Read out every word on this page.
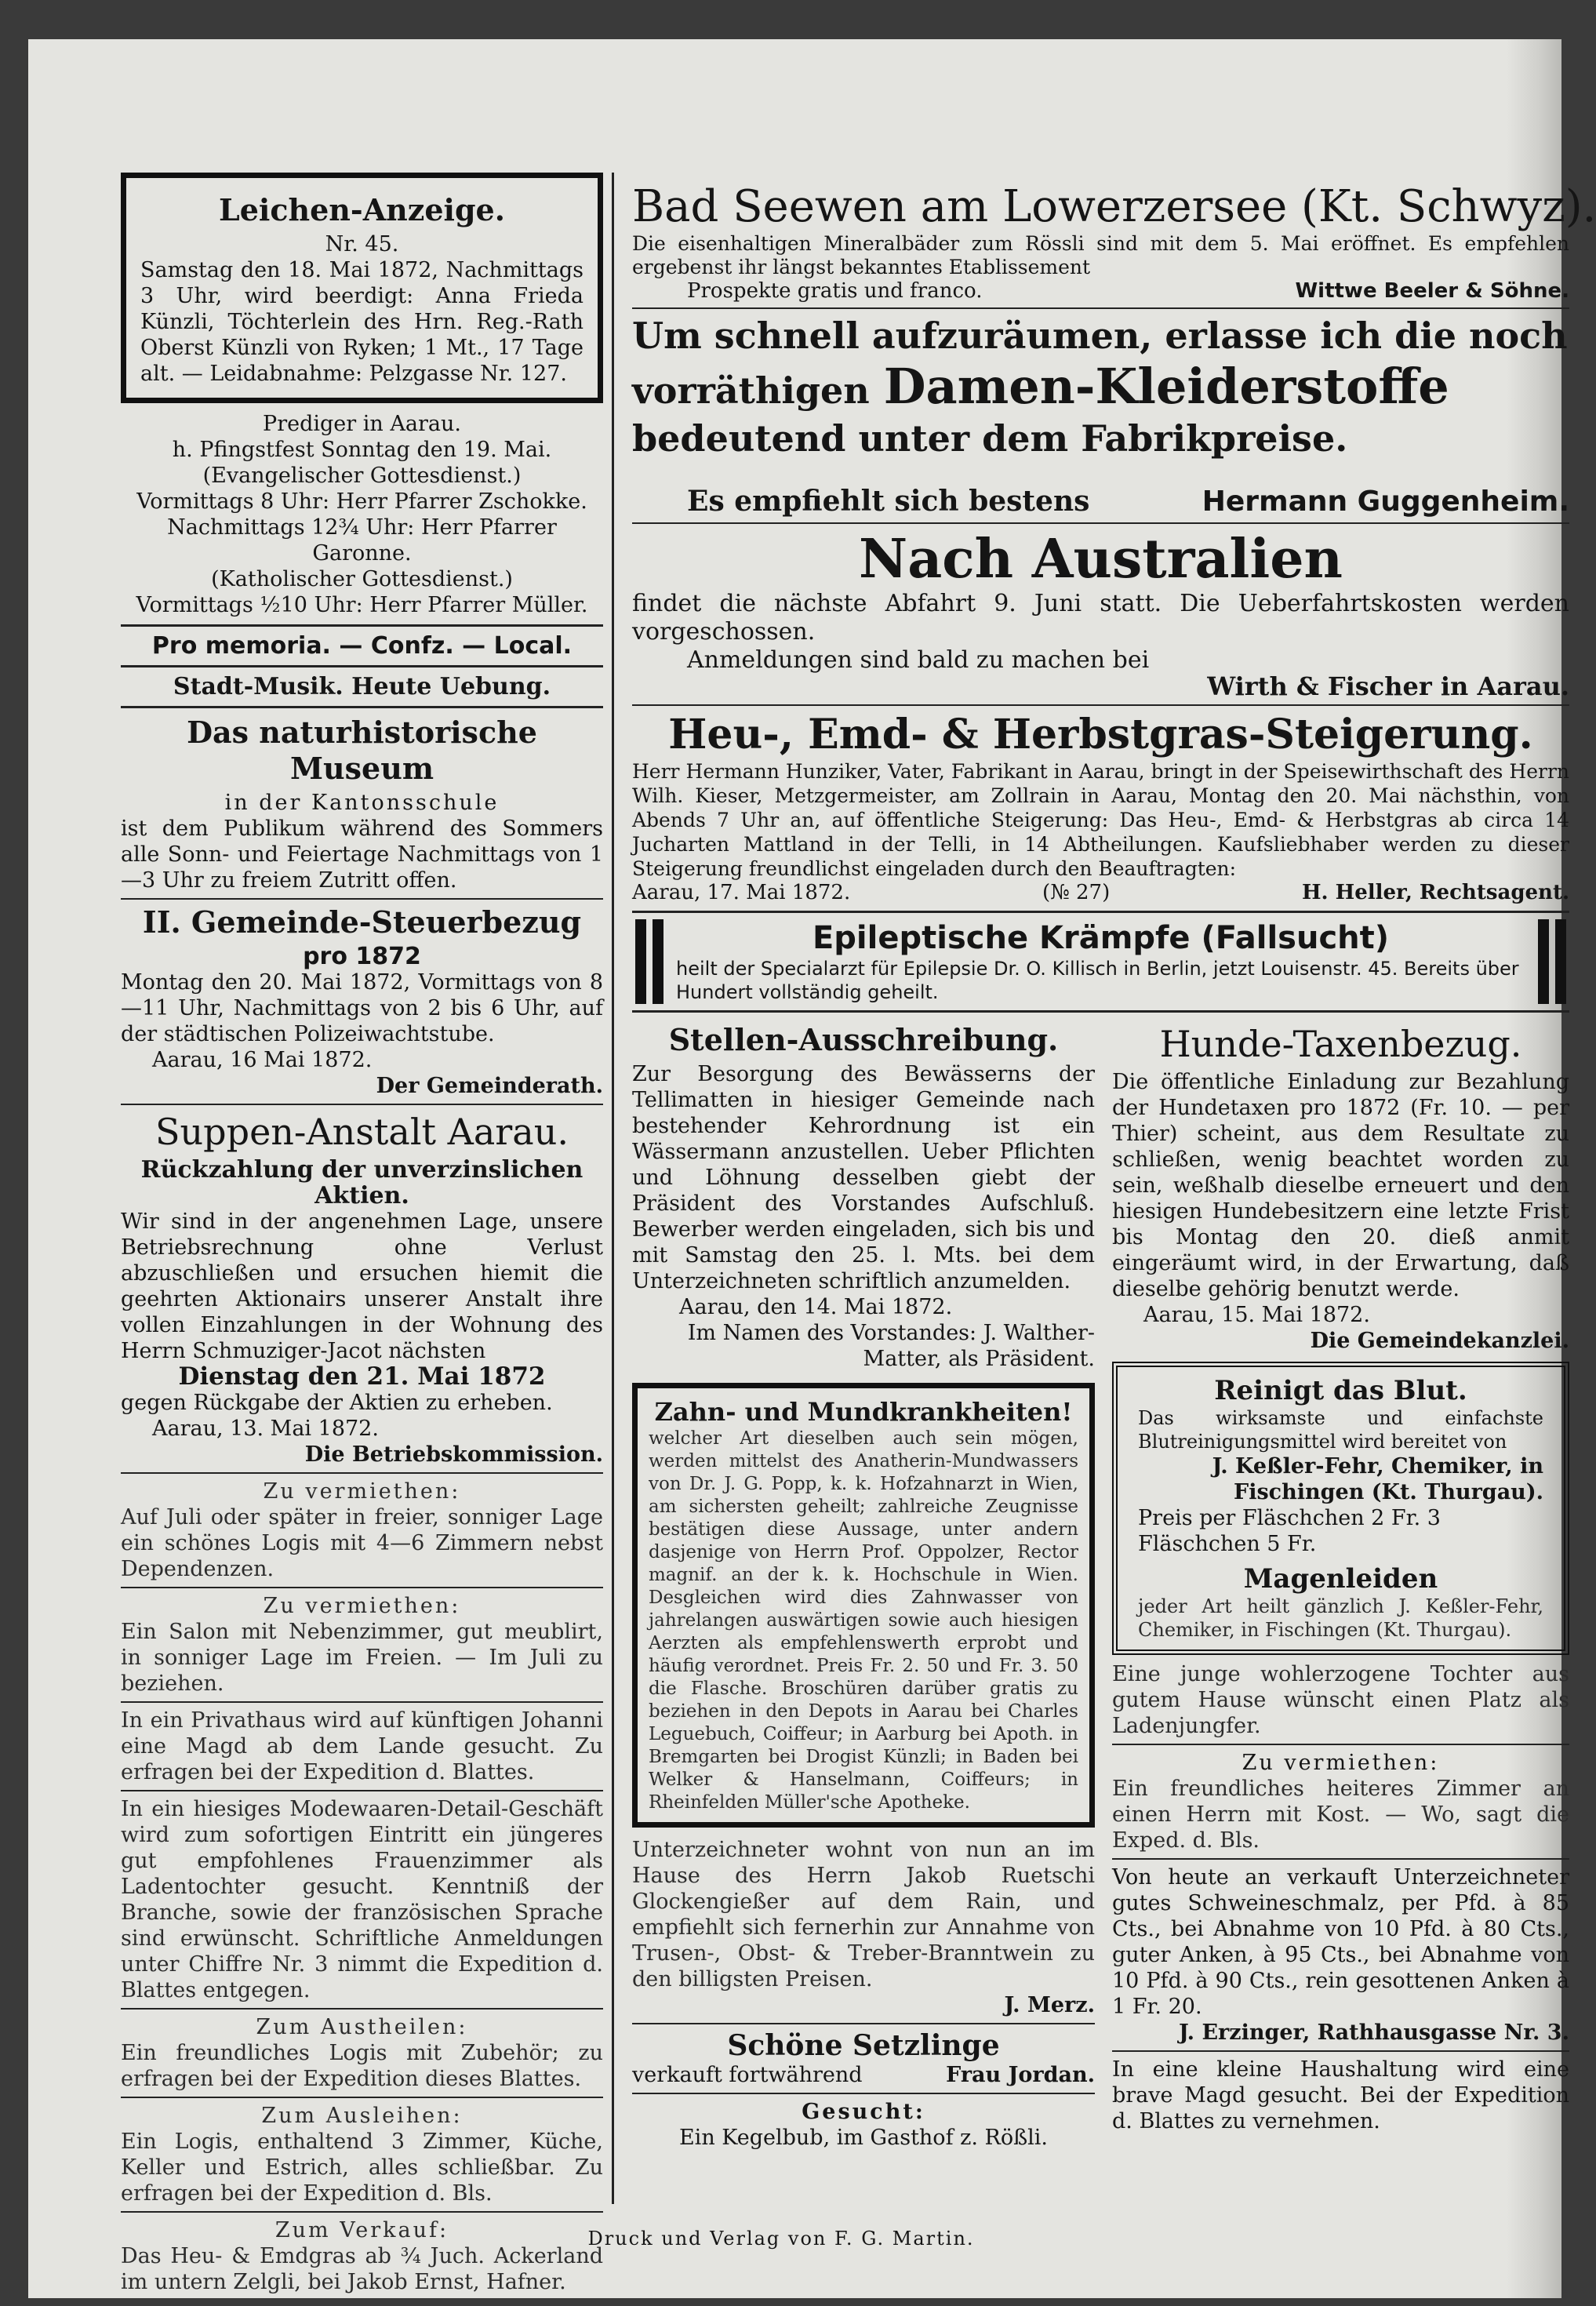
Leichen-Anzeige.

Nr. 45.

Samstag den 18. Mai 1872, Nachmittags 3 Uhr, wird beerdigt: Anna Frieda Künzli, Töchterlein des Hrn. Reg.-Rath Oberst Künzli von Ryken; 1 Mt., 17 Tage alt. — Leidabnahme: Pelzgasse Nr. 127.

Prediger in Aarau.

h. Pfingstfest Sonntag den 19. Mai.

(Evangelischer Gottesdienst.)

Vormittags 8 Uhr: Herr Pfarrer Zschokke.

Nachmittags 12¾ Uhr: Herr Pfarrer Garonne.

(Katholischer Gottesdienst.)

Vormittags ½10 Uhr: Herr Pfarrer Müller.

Pro memoria. — Confz. — Local.

Stadt-Musik. Heute Uebung.

Das naturhistorische Museum

in der Kantonsschule

ist dem Publikum während des Sommers alle Sonn- und Feiertage Nachmittags von 1—3 Uhr zu freiem Zutritt offen.

II. Gemeinde-Steuerbezug

pro 1872

Montag den 20. Mai 1872, Vormittags von 8—11 Uhr, Nachmittags von 2 bis 6 Uhr, auf der städtischen Polizeiwachtstube.

Aarau, 16 Mai 1872.

Der Gemeinderath.

Suppen-Anstalt Aarau.

Rückzahlung der unverzinslichen Aktien.

Wir sind in der angenehmen Lage, unsere Betriebsrechnung ohne Verlust abzuschließen und ersuchen hiemit die geehrten Aktionairs unserer Anstalt ihre vollen Einzahlungen in der Wohnung des Herrn Schmuziger-Jacot nächsten

Dienstag den 21. Mai 1872

gegen Rückgabe der Aktien zu erheben.

Aarau, 13. Mai 1872.

Die Betriebskommission.

Zu vermiethen:

Auf Juli oder später in freier, sonniger Lage ein schönes Logis mit 4—6 Zimmern nebst Dependenzen.

Zu vermiethen:

Ein Salon mit Nebenzimmer, gut meublirt, in sonniger Lage im Freien. — Im Juli zu beziehen.

In ein Privathaus wird auf künftigen Johanni eine Magd ab dem Lande gesucht. Zu erfragen bei der Expedition d. Blattes.

In ein hiesiges Modewaaren-Detail-Geschäft wird zum sofortigen Eintritt ein jüngeres gut empfohlenes Frauenzimmer als Ladentochter gesucht. Kenntniß der Branche, sowie der französischen Sprache sind erwünscht. Schriftliche Anmeldungen unter Chiffre Nr. 3 nimmt die Expedition d. Blattes entgegen.

Zum Austheilen:

Ein freundliches Logis mit Zubehör; zu erfragen bei der Expedition dieses Blattes.

Zum Ausleihen:

Ein Logis, enthaltend 3 Zimmer, Küche, Keller und Estrich, alles schließbar. Zu erfragen bei der Expedition d. Bls.

Zum Verkauf:

Das Heu- & Emdgras ab ¾ Juch. Ackerland im untern Zelgli, bei Jakob Ernst, Hafner.

Bad Seewen am Lowerzersee (Kt. Schwyz).

Die eisenhaltigen Mineralbäder zum Rössli sind mit dem 5. Mai eröffnet. Es empfehlen ergebenst ihr längst bekanntes Etablissement

Prospekte gratis und franco.	Wittwe Beeler & Söhne.
Um schnell aufzuräumen, erlasse ich die noch
vorräthigen Damen-Kleiderstoffe
bedeutend unter dem Fabrikpreise.
Es empfiehlt sich bestens	Hermann Guggenheim.
Nach Australien

findet die nächste Abfahrt 9. Juni statt. Die Ueberfahrtskosten werden vorgeschossen.

Anmeldungen sind bald zu machen bei

Wirth & Fischer in Aarau.

Heu-, Emd- & Herbstgras-Steigerung.

Herr Hermann Hunziker, Vater, Fabrikant in Aarau, bringt in der Speisewirthschaft des Herrn Wilh. Kieser, Metzgermeister, am Zollrain in Aarau, Montag den 20. Mai nächsthin, von Abends 7 Uhr an, auf öffentliche Steigerung: Das Heu-, Emd- & Herbstgras ab circa 14 Jucharten Mattland in der Telli, in 14 Abtheilungen. Kaufsliebhaber werden zu dieser Steigerung freundlichst eingeladen durch den Beauftragten:

Aarau, 17. Mai 1872.	(№ 27)	H. Heller, Rechtsagent.
Epileptische Krämpfe (Fallsucht)

heilt der Specialarzt für Epilepsie Dr. O. Killisch in Berlin, jetzt Louisenstr. 45. Bereits über Hundert vollständig geheilt.

Stellen-Ausschreibung.

Zur Besorgung des Bewässerns der Tellimatten in hiesiger Gemeinde nach bestehender Kehrordnung ist ein Wässermann anzustellen. Ueber Pflichten und Löhnung desselben giebt der Präsident des Vorstandes Aufschluß. Bewerber werden eingeladen, sich bis und mit Samstag den 25. l. Mts. bei dem Unterzeichneten schriftlich anzumelden.

Aarau, den 14. Mai 1872.

Im Namen des Vorstandes: J. Walther-Matter, als Präsident.

Zahn- und Mundkrankheiten!

welcher Art dieselben auch sein mögen, werden mittelst des Anatherin-Mundwassers von Dr. J. G. Popp, k. k. Hofzahnarzt in Wien, am sichersten geheilt; zahlreiche Zeugnisse bestätigen diese Aussage, unter andern dasjenige von Herrn Prof. Oppolzer, Rector magnif. an der k. k. Hochschule in Wien. Desgleichen wird dies Zahnwasser von jahrelangen auswärtigen sowie auch hiesigen Aerzten als empfehlenswerth erprobt und häufig verordnet. Preis Fr. 2. 50 und Fr. 3. 50 die Flasche. Broschüren darüber gratis zu beziehen in den Depots in Aarau bei Charles Leguebuch, Coiffeur; in Aarburg bei Apoth. in Bremgarten bei Drogist Künzli; in Baden bei Welker & Hanselmann, Coiffeurs; in Rheinfelden Müller'sche Apotheke.

Unterzeichneter wohnt von nun an im Hause des Herrn Jakob Ruetschi Glockengießer auf dem Rain, und empfiehlt sich fernerhin zur Annahme von Trusen-, Obst- & Treber-Branntwein zu den billigsten Preisen.

J. Merz.

Schöne Setzlinge
verkauft fortwährend	Frau Jordan.

Gesucht:

Ein Kegelbub, im Gasthof z. Rößli.

Hunde-Taxenbezug.

Die öffentliche Einladung zur Bezahlung der Hundetaxen pro 1872 (Fr. 10. — per Thier) scheint, aus dem Resultate zu schließen, wenig beachtet worden zu sein, weßhalb dieselbe erneuert und den hiesigen Hundebesitzern eine letzte Frist bis Montag den 20. dieß anmit eingeräumt wird, in der Erwartung, daß dieselbe gehörig benutzt werde.

Aarau, 15. Mai 1872.

Die Gemeindekanzlei.

Reinigt das Blut.

Das wirksamste und einfachste Blutreinigungsmittel wird bereitet von

J. Keßler-Fehr, Chemiker, in Fischingen (Kt. Thurgau).

Preis per Fläschchen 2 Fr. 3 Fläschchen 5 Fr.

Magenleiden

jeder Art heilt gänzlich J. Keßler-Fehr, Chemiker, in Fischingen (Kt. Thurgau).

Eine junge wohlerzogene Tochter aus gutem Hause wünscht einen Platz als Ladenjungfer.

Zu vermiethen:

Ein freundliches heiteres Zimmer an einen Herrn mit Kost. — Wo, sagt die Exped. d. Bls.

Von heute an verkauft Unterzeichneter gutes Schweineschmalz, per Pfd. à 85 Cts., bei Abnahme von 10 Pfd. à 80 Cts., guter Anken, à 95 Cts., bei Abnahme von 10 Pfd. à 90 Cts., rein gesottenen Anken à 1 Fr. 20.

J. Erzinger, Rathhausgasse Nr. 3.

In eine kleine Haushaltung wird eine brave Magd gesucht. Bei der Expedition d. Blattes zu vernehmen.

Druck und Verlag von F. G. Martin.
